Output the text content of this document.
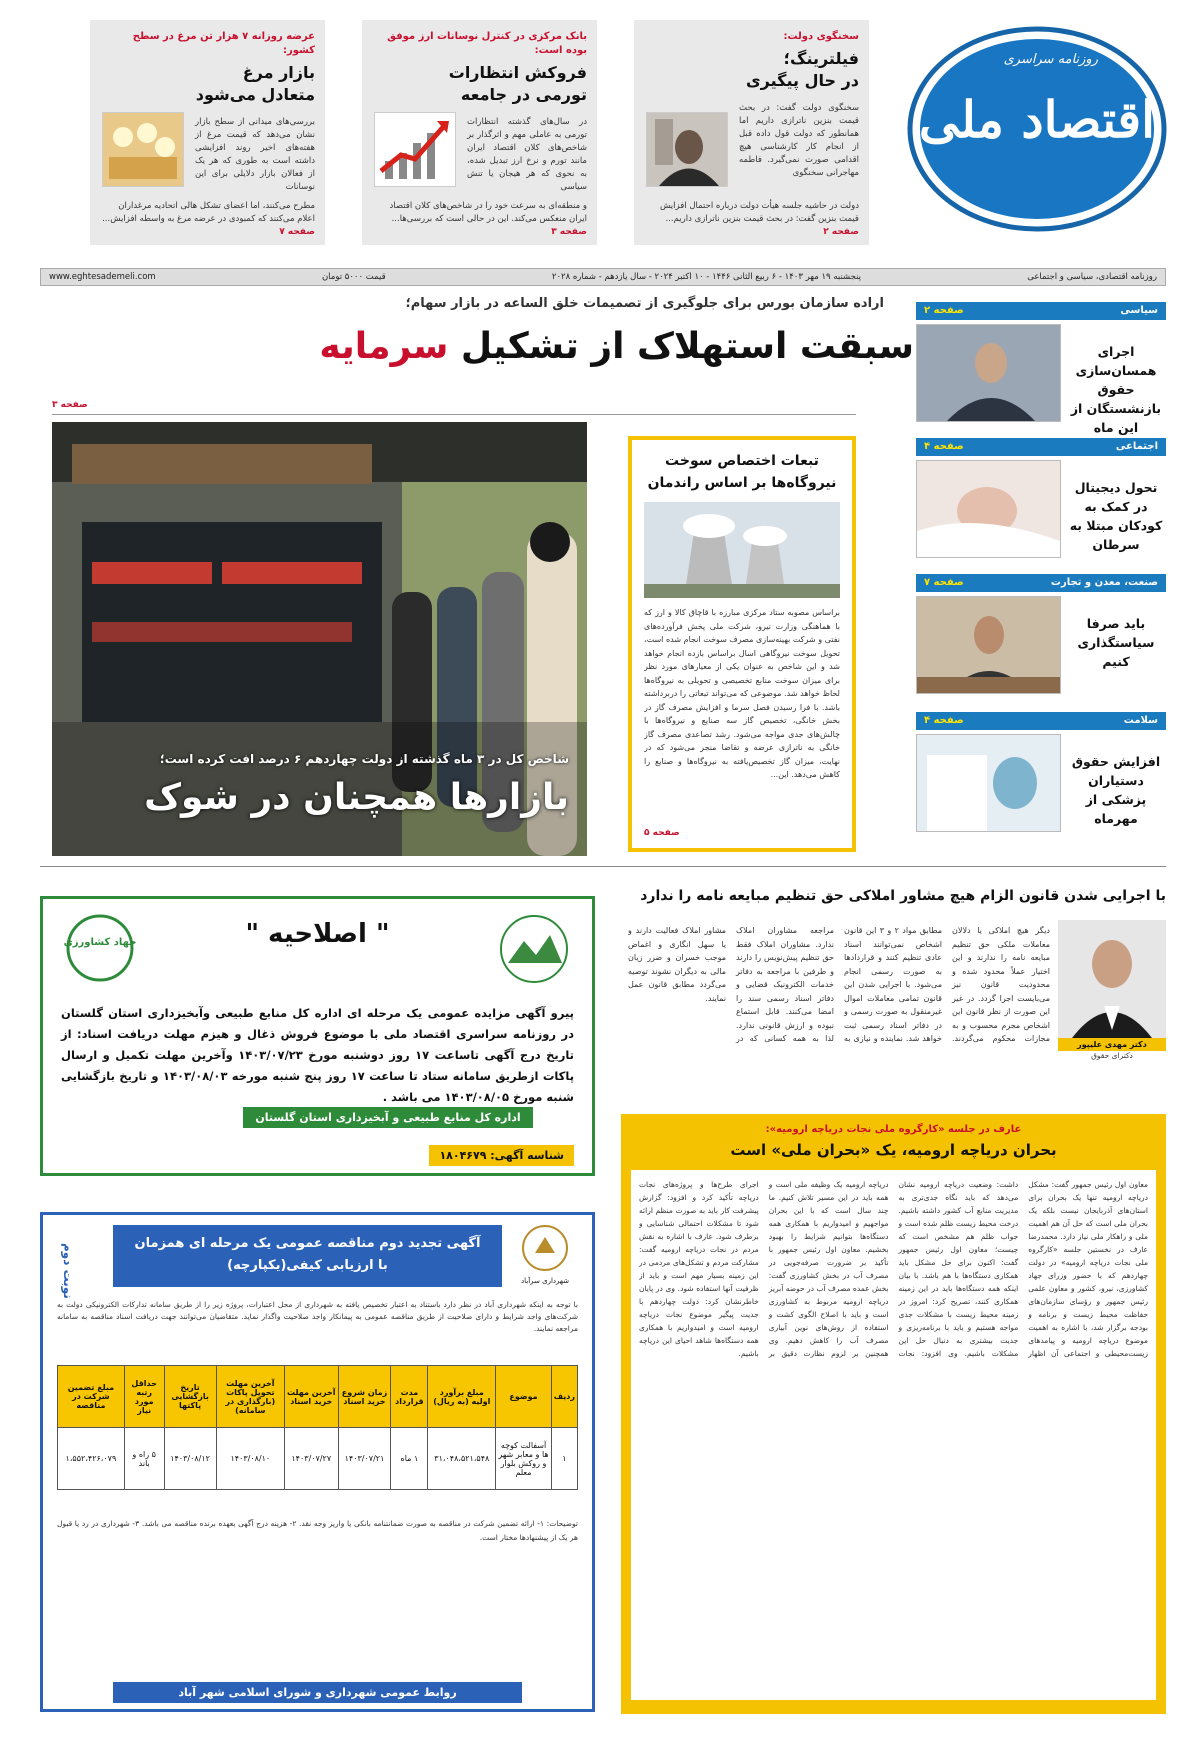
روزنامه سراسری
اقتصاد ملی
سخنگوی دولت:
فیلترینگ؛
در حال پیگیری
سخنگوی دولت گفت: در بحث قیمت بنزین ناترازی داریم اما همانطور که دولت قول داده قبل از انجام کار کارشناسی هیچ اقدامی صورت نمی‌گیرد. فاطمه مهاجرانی سخنگوی
دولت در حاشیه جلسه هیأت دولت درباره احتمال افزایش قیمت بنزین گفت: در بحث قیمت بنزین ناترازی داریم...
صفحه ۲
بانک مرکزی در کنترل نوسانات ارز موفق بوده است:
فروکش انتظارات
تورمی در جامعه
در سال‌های گذشته انتظارات تورمی به عاملی مهم و اثرگذار بر شاخص‌های کلان اقتصاد ایران مانند تورم و نرخ ارز تبدیل شده، به نحوی که هر هیجان یا تنش سیاسی
و منطقه‌ای به سرعت خود را در شاخص‌های کلان اقتصاد ایران منعکس می‌کند. این در حالی است که بررسی‌ها...
صفحه ۳
عرضه روزانه ۷ هزار تن مرغ در سطح کشور:
بازار مرغ
متعادل می‌شود
بررسی‌های میدانی از سطح بازار نشان می‌دهد که قیمت مرغ از هفته‌های اخیر روند افزایشی داشته است به طوری که هر یک از فعالان بازار دلایلی برای این نوسانات
مطرح می‌کنند، اما اعضای تشکل هالی اتحادیه مرغداران اعلام می‌کنند که کمبودی در عرضه مرغ به واسطه افزایش...
صفحه ۷
روزنامه اقتصادی، سیاسی و اجتماعی
پنجشنبه ۱۹ مهر ۱۴۰۳ - ۶ ربیع الثانی ۱۴۴۶ - ۱۰ اکتبر ۲۰۲۴ - سال یازدهم - شماره ۲۰۲۸
قیمت ۵۰۰۰ تومان
www.eghtesademeli.com
اراده سازمان بورس برای جلوگیری از تصمیمات خلق الساعه در بازار سهام؛
سبقت استهلاک از تشکیل سرمایه
صفحه ۳
شاخص کل در ۳ ماه گذشته از دولت چهاردهم ۶ درصد افت کرده است؛
بازارها همچنان در شوک
تبعات اختصاص سوخت نیروگاه‌ها بر اساس راندمان
براساس مصوبه ستاد مرکزی مبارزه با قاچاق کالا و ارز که با هماهنگی وزارت نیرو، شرکت ملی پخش فرآورده‌های نفتی و شرکت بهینه‌سازی مصرف سوخت انجام شده است، تحویل سوخت نیروگاهی اسال براساس بازده انجام خواهد شد و این شاخص به عنوان یکی از معیارهای مورد نظر برای میزان سوخت منابع تخصیصی و تحویلی به نیروگاه‌ها لحاظ خواهد شد. موضوعی که می‌تواند تبعاتی را دربرداشته باشد. با فرا رسیدن فصل سرما و افزایش مصرف گاز در بخش خانگی، تخصیص گاز سه صنایع و نیروگاه‌ها با چالش‌های جدی مواجه می‌شود. رشد تصاعدی مصرف گاز خانگی به ناترازی عرضه و تقاضا منجر می‌شود که در نهایت، میزان گاز تخصیص‌یافته به نیروگاه‌ها و صنایع را کاهش می‌دهد. این...
صفحه ۵
سیاسی
صفحه ۲
اجرای همسان‌سازی حقوق بازنشستگان از این ماه
اجتماعی
صفحه ۴
تحول دیجیتال در کمک به کودکان مبتلا به سرطان
صنعت، معدن و تجارت
صفحه ۷
باید صرفا سیاستگذاری کنیم
سلامت
صفحه ۴
افزایش حقوق دستیاران پزشکی از مهرماه
" اصلاحیه "
جهاد کشاورزی
پیرو آگهی مزایده عمومی یک مرحله ای اداره کل منابع طبیعی وآبخیزداری استان گلستان در روزنامه سراسری اقتصاد ملی با موضوع فروش ذغال و هیزم مهلت دریافت اسناد: از تاریخ درج آگهی تاساعت ۱۷ روز دوشنبه مورخ ۱۴۰۳/۰۷/۲۳ وآخرین مهلت تکمیل و ارسال پاکات ازطریق سامانه ستاد تا ساعت ۱۷ روز پنج شنبه مورخه ۱۴۰۳/۰۸/۰۳ و تاریخ بازگشایی شنبه مورخ ۱۴۰۳/۰۸/۰۵ می باشد .
اداره کل منابع طبیعی و آبخیزداری استان گلستان
شناسه آگهی: ۱۸۰۴۶۷۹
نوبت دوم	آگهی تجدید دوم مناقصه عمومی یک مرحله ای همزمان
با ارزیابی کیفی(یکپارچه)
شهرداری سرآباد
با توجه به اینکه شهرداری آباد در نظر دارد باستناد به اعتبار تخصیص یافته به شهرداری از محل اعتبارات، پروژه زیر را از طریق سامانه تدارکات الکترونیکی دولت به شرکت‌های واجد شرایط و دارای صلاحیت از طریق مناقصه عمومی به پیمانکار واجد صلاحیت واگذار نماید. متقاضیان می‌توانند جهت دریافت اسناد مناقصه به سامانه مراجعه نمایند.
ردیف	موضوع	مبلغ برآورد اولیه (به ریال)	مدت قرارداد	زمان شروع خرید اسناد	آخرین مهلت خرید اسناد	آخرین مهلت تحویل پاکات (بارگذاری در سامانه)	تاریخ بازگشایی پاکتها	حداقل رتبه مورد نیاز	مبلغ تضمین شرکت در مناقصه
۱	آسفالت کوچه ها و معابر شهر و روکش بلوار معلم	۳۱،۰۴۸،۵۲۱،۵۴۸	۱ ماه	۱۴۰۳/۰۷/۲۱	۱۴۰۳/۰۷/۲۷	۱۴۰۳/۰۸/۱۰	۱۴۰۳/۰۸/۱۲	۵ راه و باند	۱،۵۵۲،۴۲۶،۰۷۹
توضیحات: ۱- ارائه تضمین شرکت در مناقصه به صورت ضمانتنامه بانکی یا واریز وجه نقد. ۲- هزینه درج آگهی بعهده برنده مناقصه می باشد. ۳- شهرداری در رد یا قبول هر یک از پیشنهادها مختار است.
روابط عمومی شهرداری و شورای اسلامی شهر آباد
با اجرایی شدن قانون الزام هیچ مشاور املاکی حق تنظیم مبایعه نامه را ندارد
دکتر مهدی علیپور
دکترای حقوق
دیگر هیچ املاکی یا دلالان معاملات ملکی حق تنظیم مبایعه نامه را ندارند و این اختیار عملاً محدود شده و محدودیت قانون نیز می‌بایست اجرا گردد. در غیر این صورت از نظر قانون این اشخاص مجرم محسوب و به مجازات محکوم می‌گردند. مطابق مواد ۲ و ۳ این قانون اشخاص نمی‌توانند اسناد عادی تنظیم کنند و قراردادها به صورت رسمی انجام می‌شود. با اجرایی شدن این قانون تمامی معاملات اموال غیرمنقول به صورت رسمی و در دفاتر اسناد رسمی ثبت خواهد شد. نماینده و نیازی به مراجعه مشاوران املاک ندارد. مشاوران املاک فقط حق تنظیم پیش‌نویس را دارند و طرفین با مراجعه به دفاتر خدمات الکترونیک قضایی و دفاتر اسناد رسمی سند را امضا می‌کنند. قابل استماع نبوده و ارزش قانونی ندارد. لذا به همه کسانی که در مشاور املاک فعالیت دارند و یا سهل انگاری و اغماض موجب خسران و ضرر زیان مالی به دیگران نشوند توصیه می‌گردد مطابق قانون عمل نمایند.
عارف در جلسه «کارگروه ملی نجات دریاچه ارومیه»:
بحران دریاچه ارومیه، یک «بحران ملی» است
معاون اول رئیس جمهور گفت: مشکل دریاچه ارومیه تنها یک بحران برای استان‌های آذربایجان نیست بلکه یک بحران ملی است که حل آن هم اهمیت ملی و راهکار ملی نیاز دارد. محمدرضا عارف در نخستین جلسه «کارگروه ملی نجات دریاچه ارومیه» در دولت چهاردهم که با حضور وزرای جهاد کشاورزی، نیرو، کشور و معاون علمی رئیس جمهور و رؤسای سازمان‌های حفاظت محیط زیست و برنامه و بودجه برگزار شد، با اشاره به اهمیت موضوع دریاچه ارومیه و پیامدهای زیست‌محیطی و اجتماعی آن اظهار داشت: وضعیت دریاچه ارومیه نشان می‌دهد که باید نگاه جدی‌تری به مدیریت منابع آب کشور داشته باشیم. درخت محیط زیست ظلم شده است و جواب ظلم هم مشخص است که چیست؛ معاون اول رئیس جمهور گفت: اکنون برای حل مشکل باید همکاری دستگاه‌ها با هم باشد. با بیان اینکه همه دستگاه‌ها باید در این زمینه همکاری کنند، تصریح کرد: امروز در زمینه محیط زیست با مشکلات جدی مواجه هستیم و باید با برنامه‌ریزی و جدیت بیشتری به دنبال حل این مشکلات باشیم. وی افزود: نجات دریاچه ارومیه یک وظیفه ملی است و همه باید در این مسیر تلاش کنیم. ما چند سال است که با این بحران مواجهیم و امیدواریم با همکاری همه دستگاه‌ها بتوانیم شرایط را بهبود بخشیم. معاون اول رئیس جمهور با تأکید بر ضرورت صرفه‌جویی در مصرف آب در بخش کشاورزی گفت: بخش عمده مصرف آب در حوضه آبریز دریاچه ارومیه مربوط به کشاورزی است و باید با اصلاح الگوی کشت و استفاده از روش‌های نوین آبیاری مصرف آب را کاهش دهیم. وی همچنین بر لزوم نظارت دقیق بر اجرای طرح‌ها و پروژه‌های نجات دریاچه تأکید کرد و افزود: گزارش پیشرفت کار باید به صورت منظم ارائه شود تا مشکلات احتمالی شناسایی و برطرف شود. عارف با اشاره به نقش مردم در نجات دریاچه ارومیه گفت: مشارکت مردم و تشکل‌های مردمی در این زمینه بسیار مهم است و باید از ظرفیت آنها استفاده شود. وی در پایان خاطرنشان کرد: دولت چهاردهم با جدیت پیگیر موضوع نجات دریاچه ارومیه است و امیدواریم با همکاری همه دستگاه‌ها شاهد احیای این دریاچه باشیم.
